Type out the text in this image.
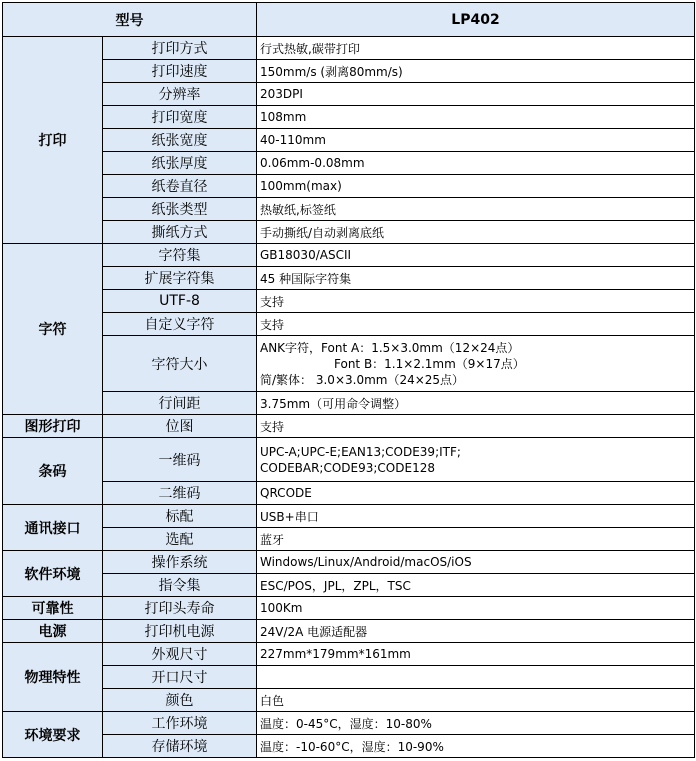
型号		LP402
打印	打印方式	行式热敏,碳带打印
	打印速度	150mm/s (剥离80mm/s)
	分辨率	203DPI
	打印宽度	108mm
	纸张宽度	40-110mm
	纸张厚度	0.06mm-0.08mm
	纸卷直径	100mm(max)
	纸张类型	热敏纸,标签纸
	撕纸方式	手动撕纸/自动剥离底纸
字符	字符集	GB18030/ASCII
	扩展字符集	45 种国际字符集
	UTF-8	支持
	自定义字符	支持
	字符大小	ANK字符，Font A：1.5×3.0mm（12×24点）
Font B：1.1×2.1mm（9×17点）
简/繁体： 3.0×3.0mm（24×25点）

	行间距	3.75mm（可用命令调整）
图形打印	位图	支持
条码	一维码	UPC-A;UPC-E;EAN13;CODE39;ITF;
CODEBAR;CODE93;CODE128

	二维码	QRCODE
通讯接口	标配	USB+串口
	选配	蓝牙
软件环境	操作系统	Windows/Linux/Android/macOS/iOS
	指令集	ESC/POS，JPL，ZPL，TSC
可靠性	打印头寿命	100Km
电源	打印机电源	24V/2A 电源适配器
物理特性	外观尺寸	227mm*179mm*161mm
	开口尺寸	
	颜色	白色
环境要求	工作环境	温度：0-45°C，湿度：10-80%
	存储环境	温度：-10-60°C，湿度：10-90%
